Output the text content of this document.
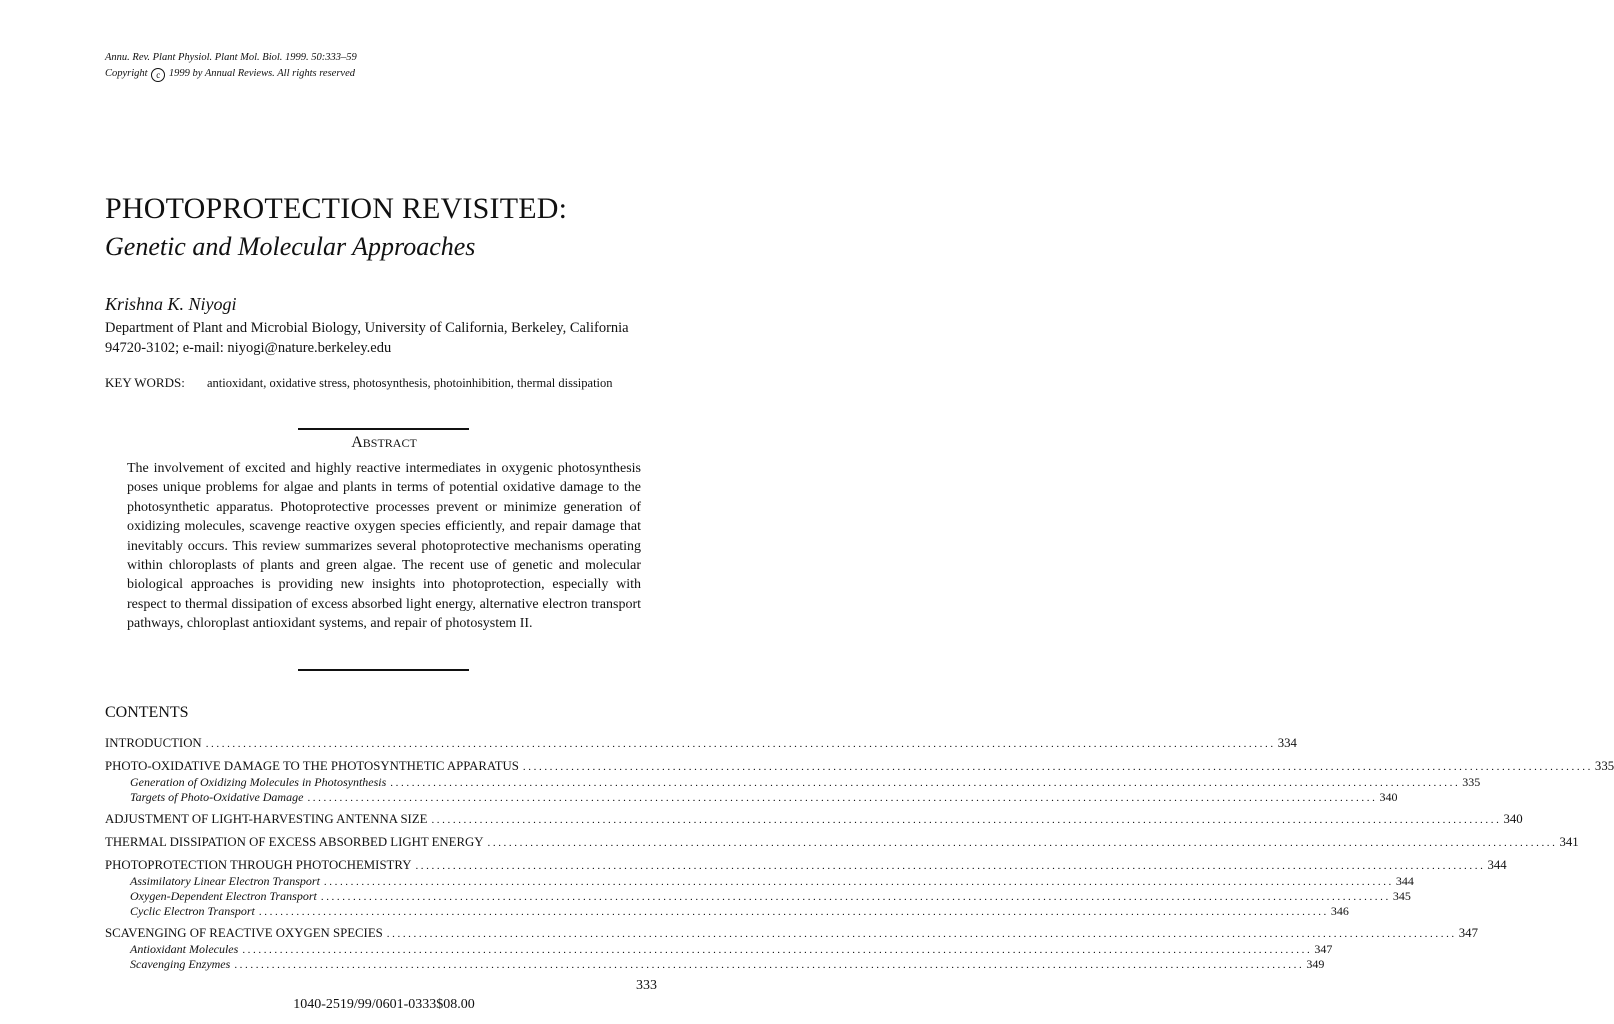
Annu. Rev. Plant Physiol. Plant Mol. Biol. 1999. 50:333–59
Copyright c 1999 by Annual Reviews. All rights reserved
PHOTOPROTECTION REVISITED:
Genetic and Molecular Approaches
Krishna K. Niyogi
Department of Plant and Microbial Biology, University of California, Berkeley, California 94720-3102; e-mail: niyogi@nature.berkeley.edu
KEY WORDS: antioxidant, oxidative stress, photosynthesis, photoinhibition, thermal dissipation
ABSTRACT
The involvement of excited and highly reactive intermediates in oxygenic photosynthesis poses unique problems for algae and plants in terms of potential oxidative damage to the photosynthetic apparatus. Photoprotective processes prevent or minimize generation of oxidizing molecules, scavenge reactive oxygen species efficiently, and repair damage that inevitably occurs. This review summarizes several photoprotective mechanisms operating within chloroplasts of plants and green algae. The recent use of genetic and molecular biological approaches is providing new insights into photoprotection, especially with respect to thermal dissipation of excess absorbed light energy, alternative electron transport pathways, chloroplast antioxidant systems, and repair of photosystem II.
CONTENTS
INTRODUCTION ........................................................................................................................................................................................................ 334
PHOTO-OXIDATIVE DAMAGE TO THE PHOTOSYNTHETIC APPARATUS ........................................................................................................................................................................................................ 335
Generation of Oxidizing Molecules in Photosynthesis ........................................................................................................................................................................................................ 335
Targets of Photo-Oxidative Damage ........................................................................................................................................................................................................ 340
ADJUSTMENT OF LIGHT-HARVESTING ANTENNA SIZE ........................................................................................................................................................................................................ 340
THERMAL DISSIPATION OF EXCESS ABSORBED LIGHT ENERGY ........................................................................................................................................................................................................ 341
PHOTOPROTECTION THROUGH PHOTOCHEMISTRY ........................................................................................................................................................................................................ 344
Assimilatory Linear Electron Transport ........................................................................................................................................................................................................ 344
Oxygen-Dependent Electron Transport ........................................................................................................................................................................................................ 345
Cyclic Electron Transport ........................................................................................................................................................................................................ 346
SCAVENGING OF REACTIVE OXYGEN SPECIES ........................................................................................................................................................................................................ 347
Antioxidant Molecules ........................................................................................................................................................................................................ 347
Scavenging Enzymes ........................................................................................................................................................................................................ 349
333
1040-2519/99/0601-0333$08.00
